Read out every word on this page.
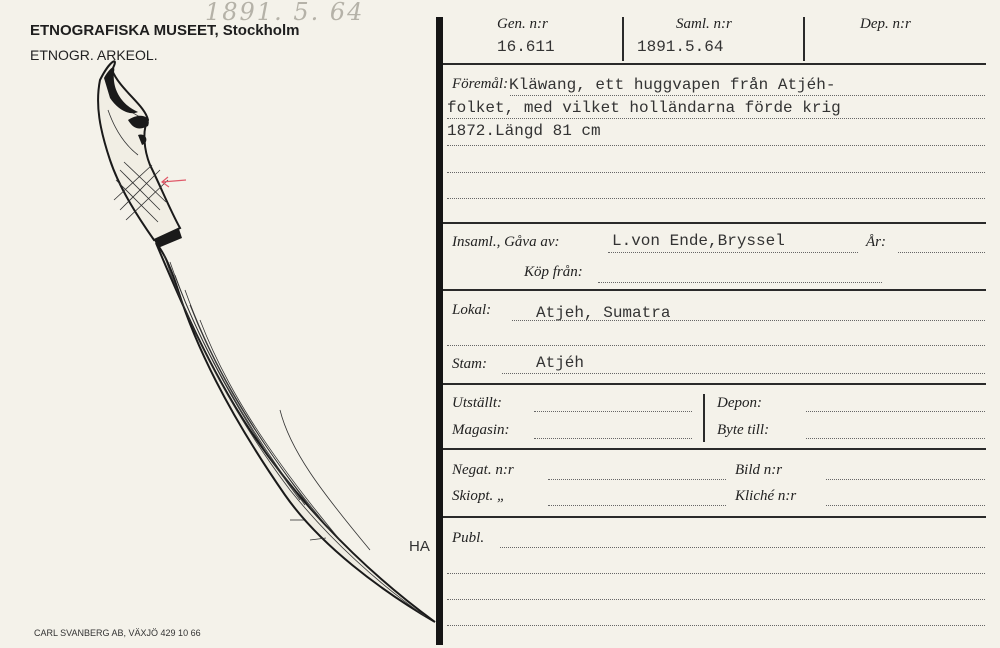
ETNOGRAFISKA MUSEET, Stockholm
ETNOGR. ARKEOL.
1891. 5. 64
HA
CARL SVANBERG AB, VÄXJÖ 429 10 66
Gen. n:r
16.611
Saml. n:r
1891.5.64
Dep. n:r
Föremål: Kläwang, ett huggvapen från Atjéh-
folket, med vilket holländarna förde krig
1872.Längd 81 cm
Insaml., Gåva av:	L.von Ende,Bryssel	År:
Köp från:
Lokal:	Atjeh, Sumatra
Stam:	Atjéh
Utställt:
Magasin:
Depon:
Byte till:
Negat. n:r	Bild n:r
Skiopt. „	Kliché n:r
Publ.
